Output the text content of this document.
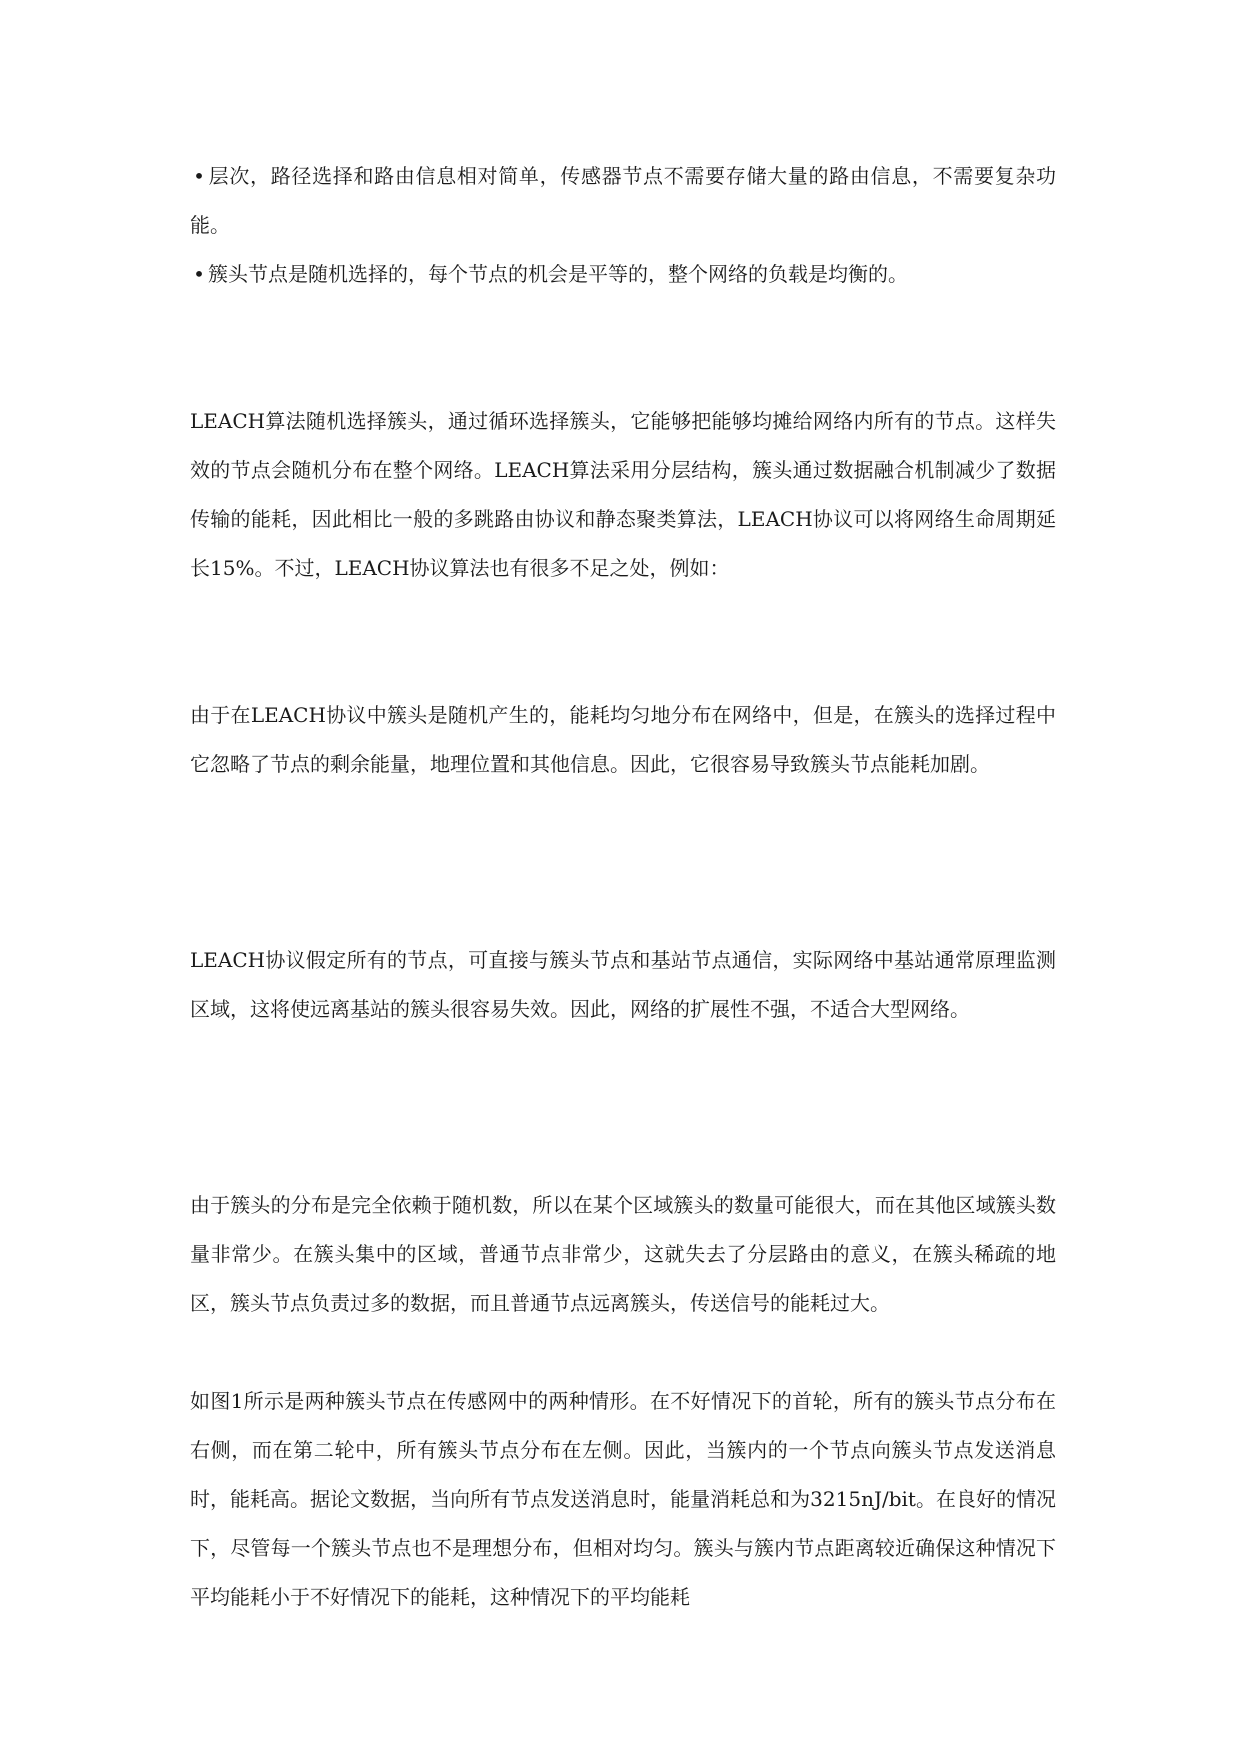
• 层次，路径选择和路由信息相对简单，传感器节点不需要存储大量的路由信息，不需要复杂功能。

• 簇头节点是随机选择的，每个节点的机会是平等的，整个网络的负载是均衡的。

LEACH算法随机选择簇头，通过循环选择簇头，它能够把能够均摊给网络内所有的节点。这样失效的节点会随机分布在整个网络。LEACH算法采用分层结构，簇头通过数据融合机制减少了数据传输的能耗，因此相比一般的多跳路由协议和静态聚类算法，LEACH协议可以将网络生命周期延长15%。不过，LEACH协议算法也有很多不足之处，例如：

由于在LEACH协议中簇头是随机产生的，能耗均匀地分布在网络中，但是，在簇头的选择过程中它忽略了节点的剩余能量，地理位置和其他信息。因此，它很容易导致簇头节点能耗加剧。

LEACH协议假定所有的节点，可直接与簇头节点和基站节点通信，实际网络中基站通常原理监测区域，这将使远离基站的簇头很容易失效。因此，网络的扩展性不强，不适合大型网络。

由于簇头的分布是完全依赖于随机数，所以在某个区域簇头的数量可能很大，而在其他区域簇头数量非常少。在簇头集中的区域，普通节点非常少，这就失去了分层路由的意义，在簇头稀疏的地区，簇头节点负责过多的数据，而且普通节点远离簇头，传送信号的能耗过大。

如图1所示是两种簇头节点在传感网中的两种情形。在不好情况下的首轮，所有的簇头节点分布在右侧，而在第二轮中，所有簇头节点分布在左侧。因此，当簇内的一个节点向簇头节点发送消息时，能耗高。据论文数据，当向所有节点发送消息时，能量消耗总和为3215nJ/bit。在良好的情况下，尽管每一个簇头节点也不是理想分布，但相对均匀。簇头与簇内节点距离较近确保这种情况下平均能耗小于不好情况下的能耗，这种情况下的平均能耗
